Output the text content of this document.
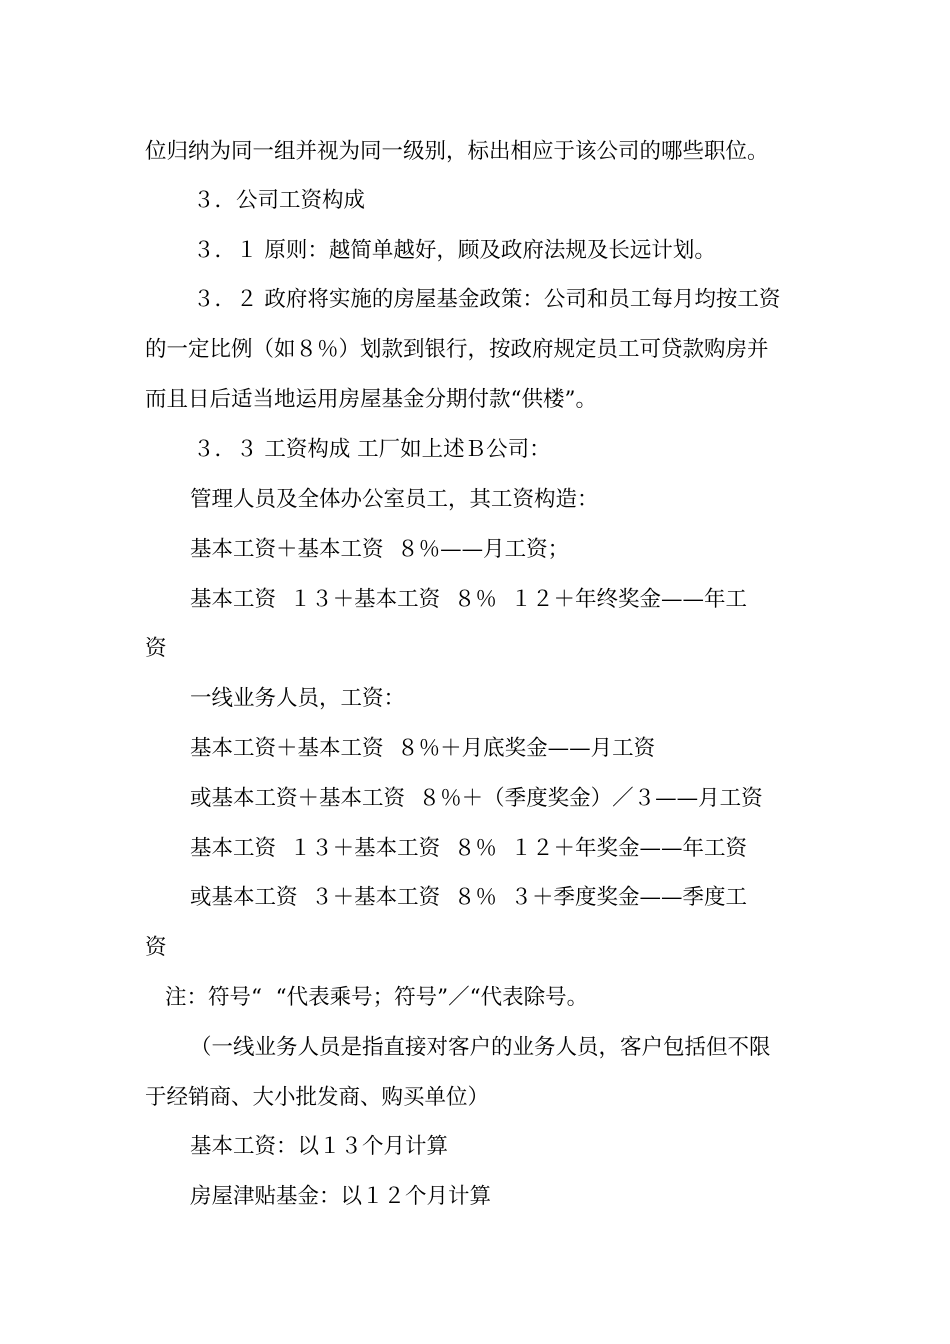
位归纳为同一组并视为同一级别，标出相应于该公司的哪些职位。
３．公司工资构成
３．１ 原则：越简单越好，顾及政府法规及长远计划。
３．２ 政府将实施的房屋基金政策：公司和员工每月均按工资
的一定比例（如８％）划款到银行，按政府规定员工可贷款购房并
而且日后适当地运用房屋基金分期付款“供楼”。
３．３ 工资构成 工厂如上述Ｂ公司：
管理人员及全体办公室员工，其工资构造：
基本工资＋基本工资  ８％——月工资；
基本工资  １３＋基本工资  ８％  １２＋年终奖金——年工
资
一线业务人员，工资：
基本工资＋基本工资  ８％＋月底奖金——月工资
或基本工资＋基本工资  ８％＋（季度奖金）／３——月工资
基本工资  １３＋基本工资  ８％  １２＋年奖金——年工资
或基本工资  ３＋基本工资  ８％  ３＋季度奖金——季度工
资
注：符号“  “代表乘号；符号”／“代表除号。
（一线业务人员是指直接对客户的业务人员，客户包括但不限
于经销商、大小批发商、购买单位）
基本工资：以１３个月计算
房屋津贴基金：以１２个月计算
